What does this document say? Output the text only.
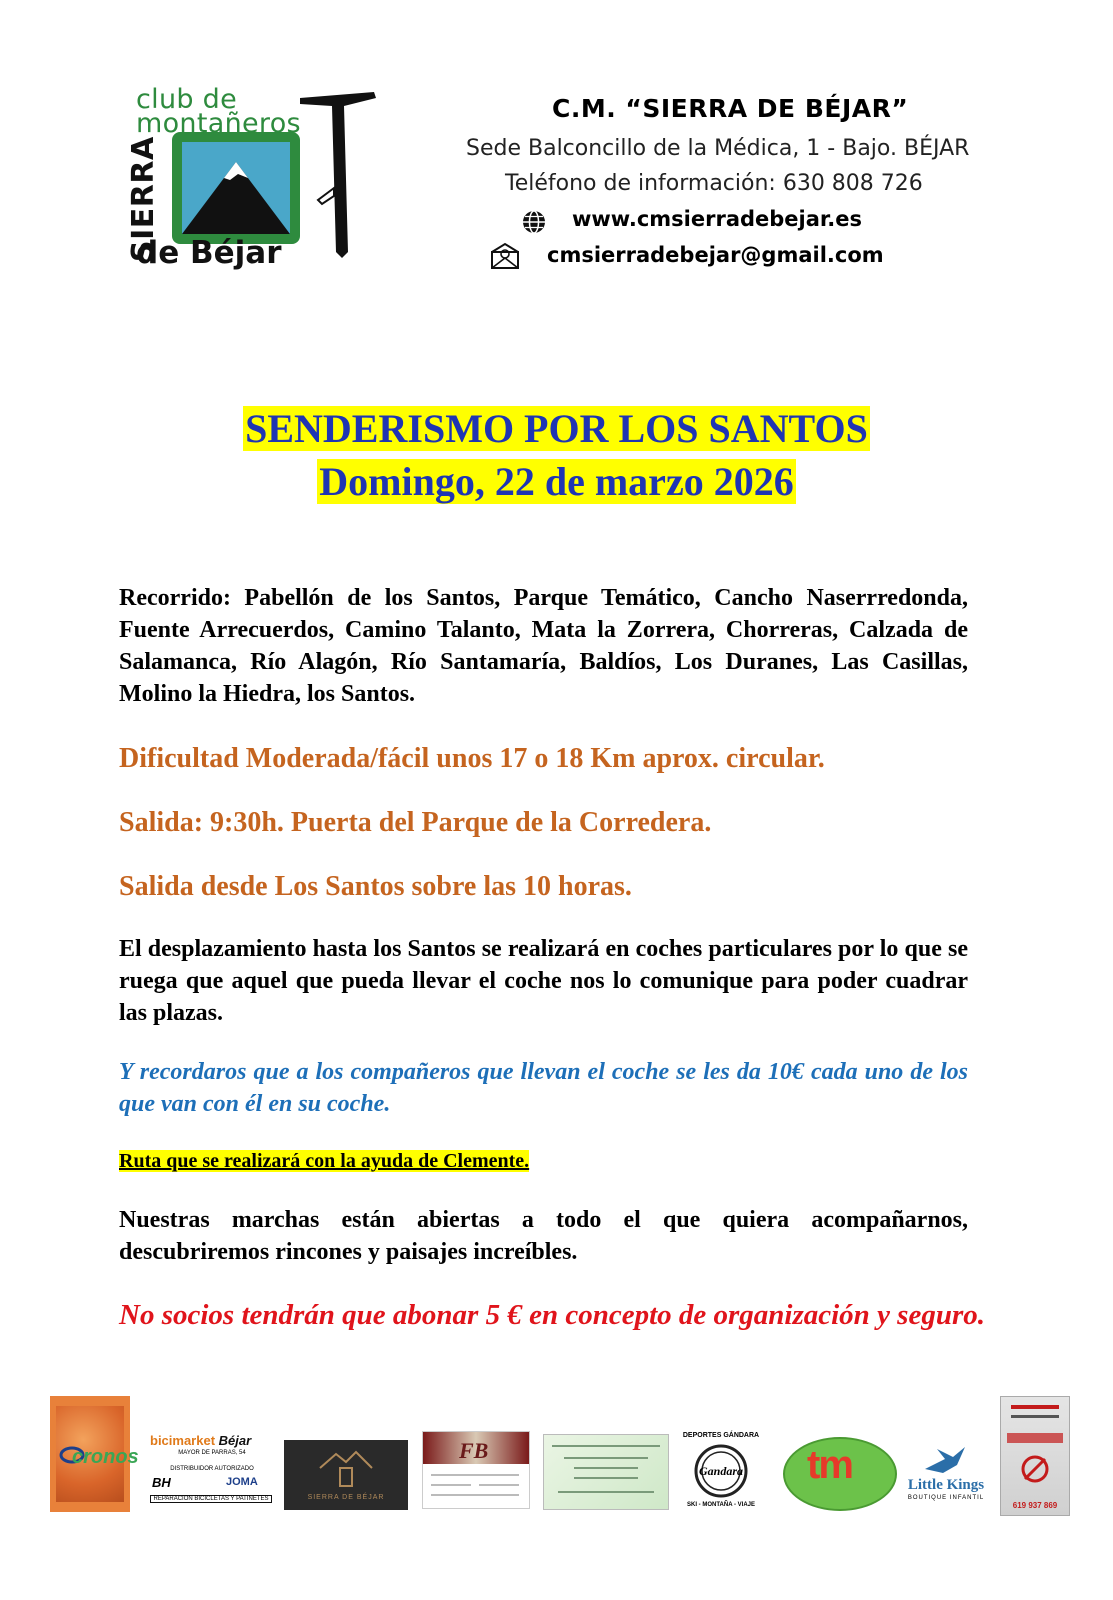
club de
montañeros
SIERRA
de Béjar
C.M. “SIERRA DE BÉJAR”
Sede Balconcillo de la Médica, 1 - Bajo. BÉJAR
Teléfono de información: 630 808 726
www.cmsierradebejar.es
cmsierradebejar@gmail.com
SENDERISMO POR LOS SANTOS
Domingo, 22 de marzo 2026
Recorrido: Pabellón de los Santos, Parque Temático, Cancho Naserrredonda, Fuente Arrecuerdos, Camino Talanto, Mata la Zorrera, Chorreras, Calzada de Salamanca, Río Alagón, Río Santamaría, Baldíos, Los Duranes, Las Casillas, Molino la Hiedra, los Santos.
Dificultad Moderada/fácil unos 17 o 18 Km aprox. circular.
Salida: 9:30h. Puerta del Parque de la Corredera.
Salida desde Los Santos sobre las 10 horas.
El desplazamiento hasta los Santos se realizará en coches particulares por lo que se ruega que aquel que pueda llevar el coche nos lo comunique para poder cuadrar las plazas.
Y recordaros que a los compañeros que llevan el coche se les da 10€ cada uno de los que van con él en su coche.
Ruta que se realizará con la ayuda de Clemente.
Nuestras marchas están abiertas a todo el que quiera acompañarnos, descubriremos rincones y paisajes increíbles.
No socios tendrán que abonar 5 € en concepto de organización y seguro.
cronos
bicimarket Béjar
MAYOR DE PARRAS, 54
DISTRIBUIDOR AUTORIZADO
BH	JOMA
REPARACION BICICLETAS Y PATINETES	SIERRA DE BÉJAR
FB
DEPORTES GÁNDARA
Gandara
SKI - MONTAÑA - VIAJE
tm	Little Kings
BOUTIQUE INFANTIL
619 937 869
